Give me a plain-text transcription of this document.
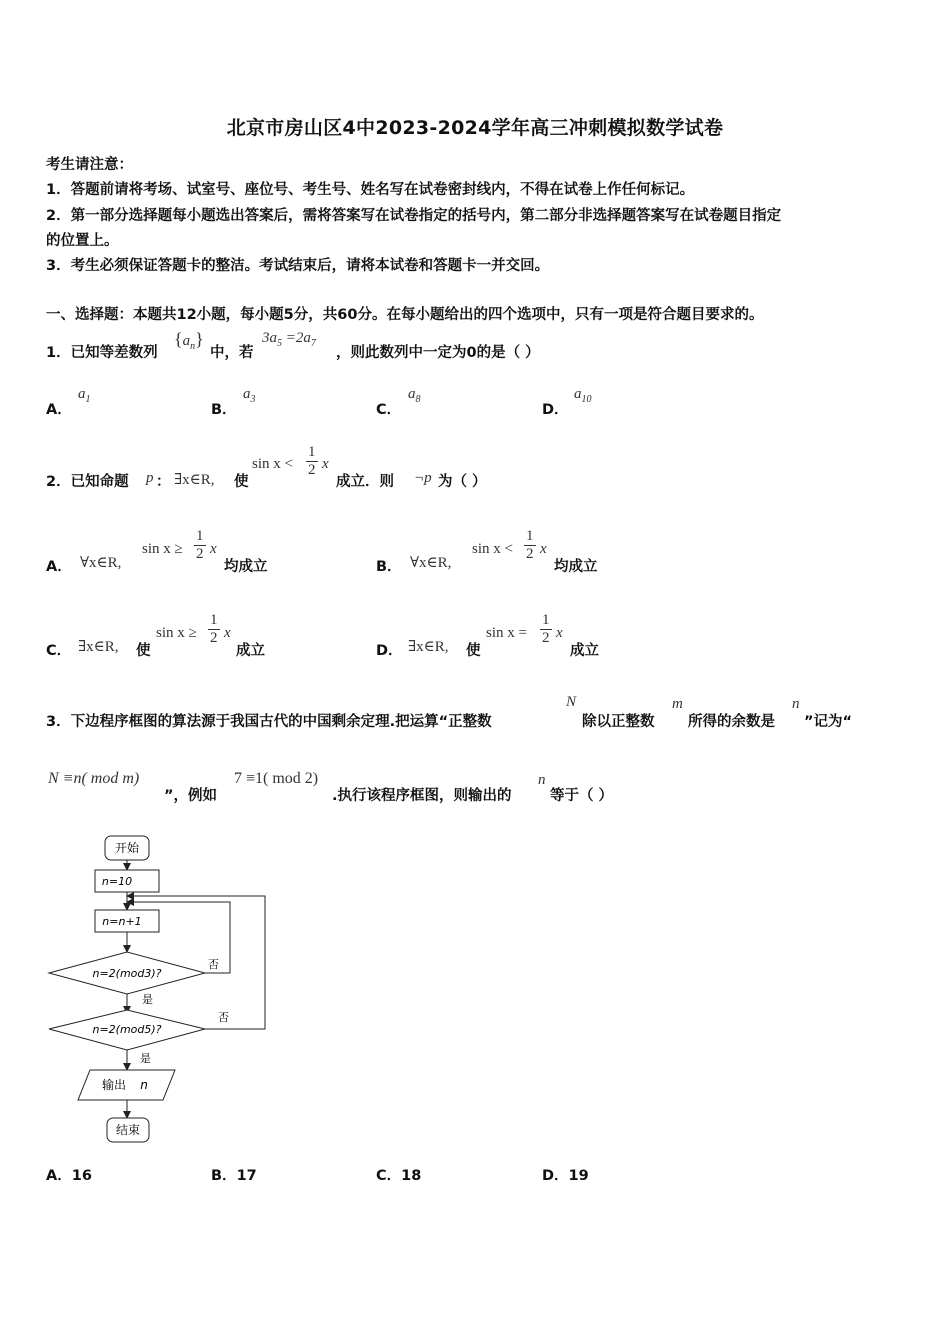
北京市房山区4中2023-2024学年高三冲刺模拟数学试卷
考生请注意：
1．答题前请将考场、试室号、座位号、考生号、姓名写在试卷密封线内，不得在试卷上作任何标记。
2．第一部分选择题每小题选出答案后，需将答案写在试卷指定的括号内，第二部分非选择题答案写在试卷题目指定
的位置上。
3．考生必须保证答题卡的整洁。考试结束后，请将本试卷和答题卡一并交回。
一、选择题：本题共12小题，每小题5分，共60分。在每小题给出的四个选项中，只有一项是符合题目要求的。
1．已知等差数列
$\{a_n\}$
中，若
$3a_5 =2a_7$
，则此数列中一定为0的是（ ）
A．
$a_1$
B．
$a_3$
C．
$a_8$
D．
$a_{10}$
2．已知命题 p ： ∃x∈R, 使
$\sin x < \frac{1}{2}$ x
成立．则 ¬p 为（ ）
A． ∀x∈R,
$\sin x \ge \frac{1}{2}$ x
均成立	B． ∀x∈R,
$\sin x < \frac{1}{2}$ x
均成立
C． ∃x∈R, 使
$\sin x \ge \frac{1}{2}$ x
成立	D． ∃x∈R, 使
$\sin x = \frac{1}{2}$ x
成立
3．下边程序框图的算法源于我国古代的中国剩余定理.把运算“正整数
N
除以正整数
m
所得的余数是
n
”记为“
N ≡n( mod m)
”，例如
7 ≡1( mod 2)
.执行该程序框图，则输出的
n
等于（ ）
开始
n=10
n=n+1
n=2(mod3)?
否
是
n=2(mod5)?
否
是
输出 n
结束
A．16	B．17	C．18	D．19
